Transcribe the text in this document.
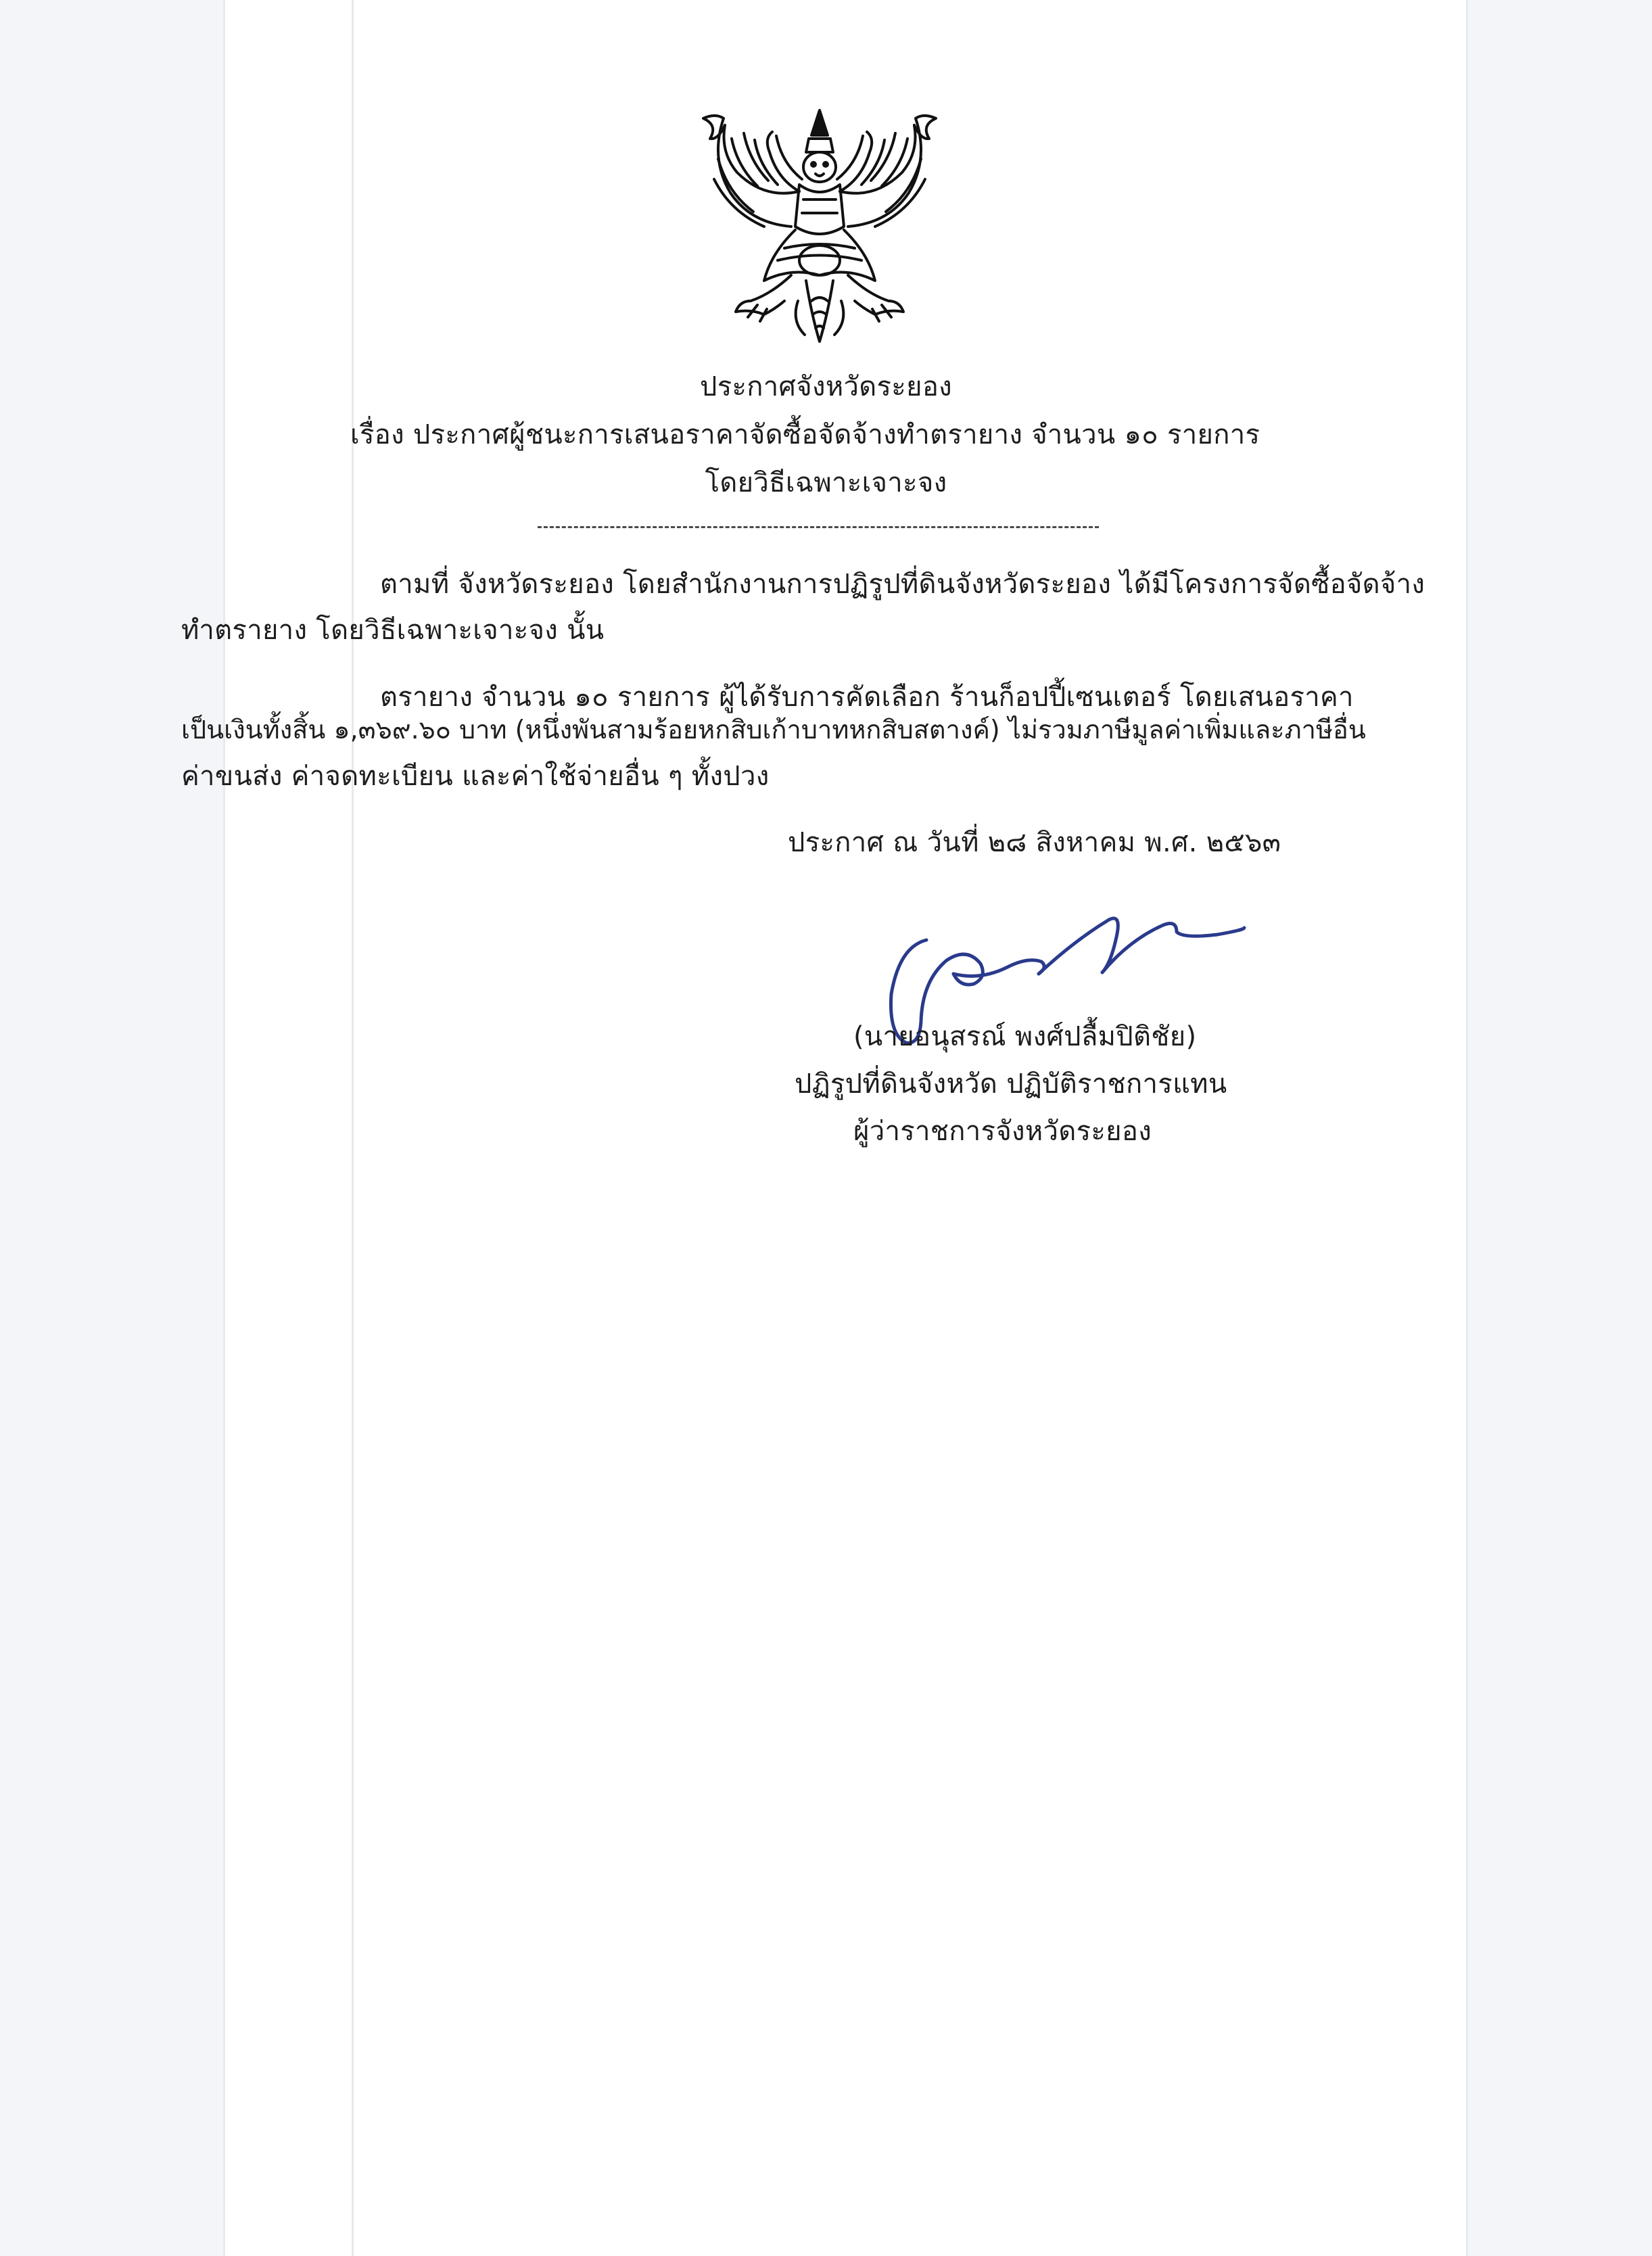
ประกาศจังหวัดระยอง
เรื่อง ประกาศผู้ชนะการเสนอราคาจัดซื้อจัดจ้างทำตรายาง จำนวน ๑๐ รายการ
โดยวิธีเฉพาะเจาะจง
ตามที่ จังหวัดระยอง โดยสำนักงานการปฏิรูปที่ดินจังหวัดระยอง ได้มีโครงการจัดซื้อจัดจ้าง
ทำตรายาง โดยวิธีเฉพาะเจาะจง นั้น
ตรายาง จำนวน ๑๐ รายการ ผู้ได้รับการคัดเลือก ร้านก็อปปี้เซนเตอร์ โดยเสนอราคา
เป็นเงินทั้งสิ้น ๑,๓๖๙.๖๐ บาท (หนึ่งพันสามร้อยหกสิบเก้าบาทหกสิบสตางค์) ไม่รวมภาษีมูลค่าเพิ่มและภาษีอื่น
ค่าขนส่ง ค่าจดทะเบียน และค่าใช้จ่ายอื่น ๆ ทั้งปวง
ประกาศ ณ วันที่ ๒๘ สิงหาคม พ.ศ. ๒๕๖๓
(นายอนุสรณ์ พงศ์ปลื้มปิติชัย)
ปฏิรูปที่ดินจังหวัด ปฏิบัติราชการแทน
ผู้ว่าราชการจังหวัดระยอง
